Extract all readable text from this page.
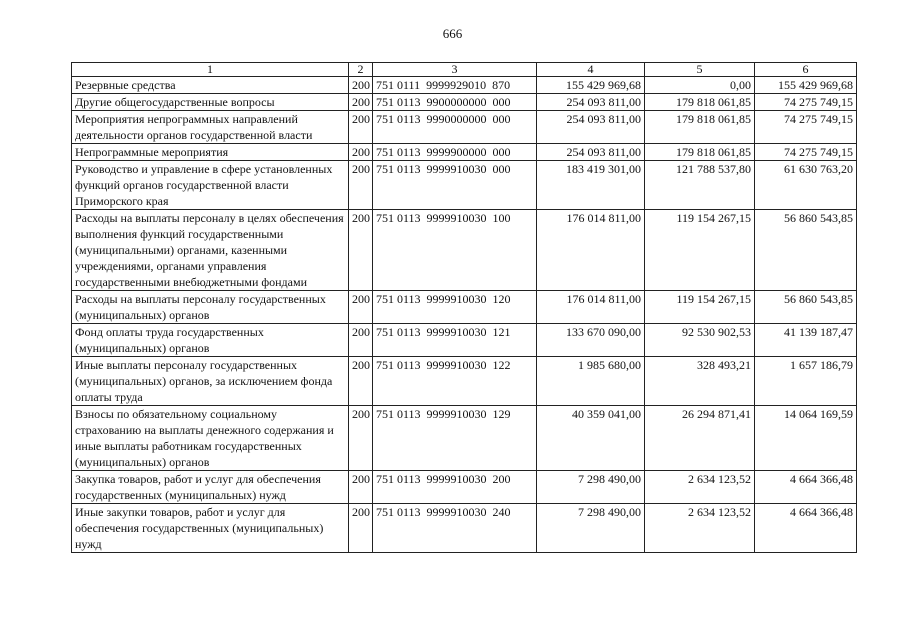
666
1	2	3	4	5	6
Резервные средства	200	751 0111  9999929010  870	155 429 969,68	0,00	155 429 969,68
Другие общегосударственные вопросы	200	751 0113  9900000000  000	254 093 811,00	179 818 061,85	74 275 749,15
Мероприятия непрограммных направлений деятельности органов государственной власти	200	751 0113  9990000000  000	254 093 811,00	179 818 061,85	74 275 749,15
Непрограммные мероприятия	200	751 0113  9999900000  000	254 093 811,00	179 818 061,85	74 275 749,15
Руководство и управление в сфере установленных функций органов государственной власти Приморского края	200	751 0113  9999910030  000	183 419 301,00	121 788 537,80	61 630 763,20
Расходы на выплаты персоналу в целях обеспечения выполнения функций государственными (муниципальными) органами, казенными учреждениями, органами управления государственными внебюджетными фондами	200	751 0113  9999910030  100	176 014 811,00	119 154 267,15	56 860 543,85
Расходы на выплаты персоналу государственных (муниципальных) органов	200	751 0113  9999910030  120	176 014 811,00	119 154 267,15	56 860 543,85
Фонд оплаты труда государственных (муниципальных) органов	200	751 0113  9999910030  121	133 670 090,00	92 530 902,53	41 139 187,47
Иные выплаты персоналу государственных (муниципальных) органов, за исключением фонда оплаты труда	200	751 0113  9999910030  122	1 985 680,00	328 493,21	1 657 186,79
Взносы по обязательному социальному страхованию на выплаты денежного содержания и иные выплаты работникам государственных (муниципальных) органов	200	751 0113  9999910030  129	40 359 041,00	26 294 871,41	14 064 169,59
Закупка товаров, работ и услуг для обеспечения государственных (муниципальных) нужд	200	751 0113  9999910030  200	7 298 490,00	2 634 123,52	4 664 366,48
Иные закупки товаров, работ и услуг для обеспечения государственных (муниципальных) нужд	200	751 0113  9999910030  240	7 298 490,00	2 634 123,52	4 664 366,48
